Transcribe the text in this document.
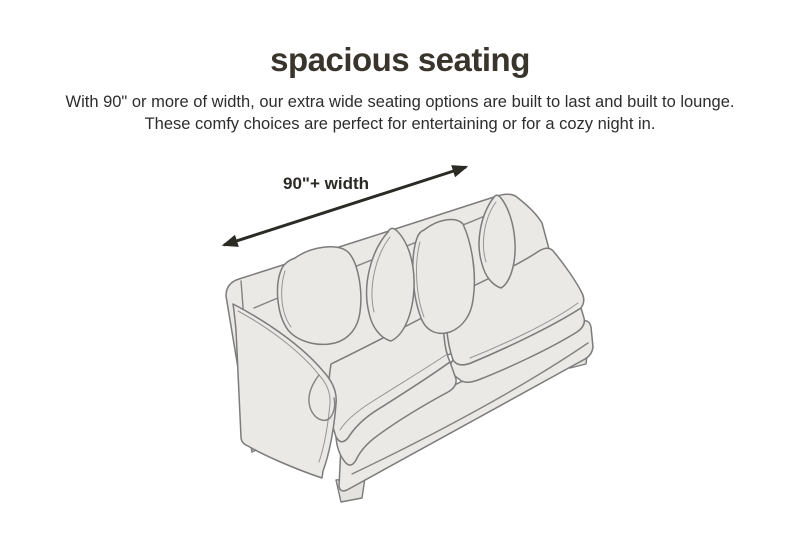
spacious seating

With 90" or more of width, our extra wide seating options are built to last and built to lounge.

These comfy choices are perfect for entertaining or for a cozy night in.

90"+ width
